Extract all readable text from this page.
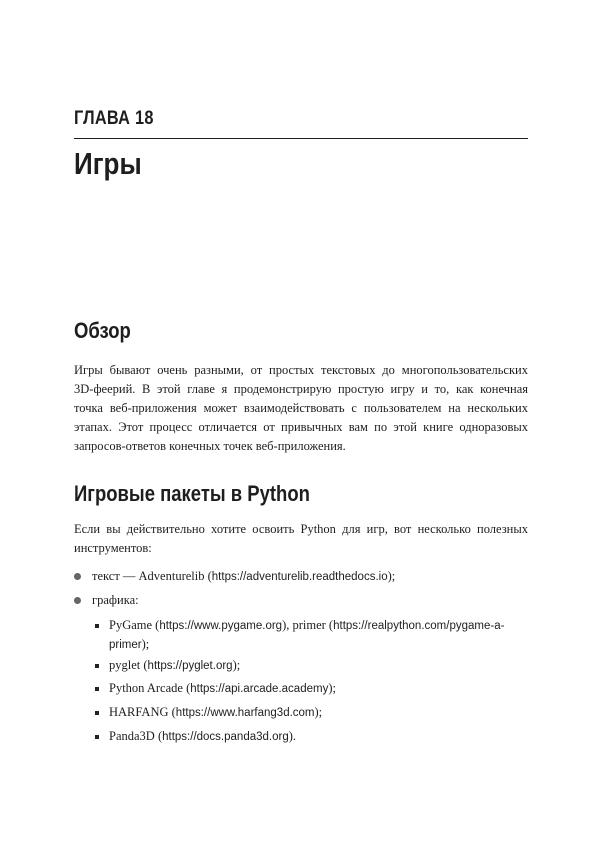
ГЛАВА 18
Игры
Обзор
Игры бывают очень разными, от простых текстовых до многопользовательских
3D-феерий. В этой главе я продемонстрирую простую игру и то, как конечная
точка веб-приложения может взаимодействовать с пользователем на нескольких
этапах. Этот процесс отличается от привычных вам по этой книге одноразовых
запросов-ответов конечных точек веб-приложения.
Игровые пакеты в Python
Если вы действительно хотите освоить Python для игр, вот несколько полезных
инструментов:
текст — Adventurelib (https://adventurelib.readthedocs.io);
графика:
PyGame (https://www.pygame.org), primer (https://realpython.com/pygame-a-
primer);
pyglet (https://pyglet.org);
Python Arcade (https://api.arcade.academy);
HARFANG (https://www.harfang3d.com);
Panda3D (https://docs.panda3d.org).
